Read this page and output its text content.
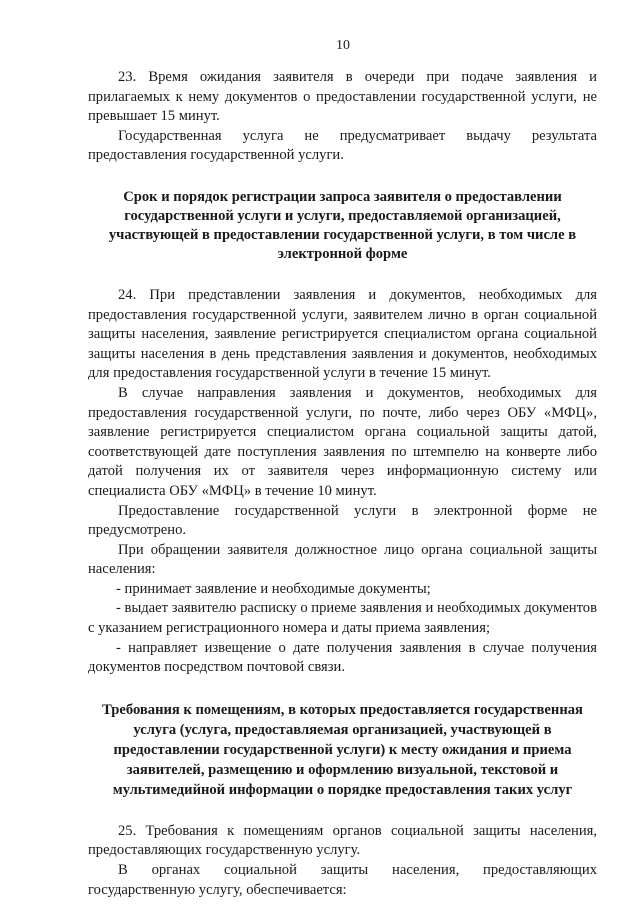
10

23. Время ожидания заявителя в очереди при подаче заявления и прилагаемых к нему документов о предоставлении государственной услуги, не превышает 15 минут.

Государственная услуга не предусматривает выдачу результата предоставления государственной услуги.

Срок и порядок регистрации запроса заявителя о предоставлении государственной услуги и услуги, предоставляемой организацией, участвующей в предоставлении государственной услуги, в том числе в электронной форме

24. При представлении заявления и документов, необходимых для предоставления государственной услуги, заявителем лично в орган социальной защиты населения, заявление регистрируется специалистом органа социальной защиты населения в день представления заявления и документов, необходимых для предоставления государственной услуги в течение 15 минут.

В случае направления заявления и документов, необходимых для предоставления государственной услуги, по почте, либо через ОБУ «МФЦ», заявление регистрируется специалистом органа социальной защиты датой, соответствующей дате поступления заявления по штемпелю на конверте либо датой получения их от заявителя через информационную систему или специалиста ОБУ «МФЦ» в течение 10 минут.

Предоставление государственной услуги в электронной форме не предусмотрено.

При обращении заявителя должностное лицо органа социальной защиты населения:

- принимает заявление и необходимые документы;

- выдает заявителю расписку о приеме заявления и необходимых документов с указанием регистрационного номера и даты приема заявления;

- направляет извещение о дате получения заявления в случае получения документов посредством почтовой связи.

Требования к помещениям, в которых предоставляется государственная услуга (услуга, предоставляемая организацией, участвующей в предоставлении государственной услуги) к месту ожидания и приема заявителей, размещению и оформлению визуальной, текстовой и мультимедийной информации о порядке предоставления таких услуг

25. Требования к помещениям органов социальной защиты населения, предоставляющих государственную услугу.

В органах социальной защиты населения, предоставляющих государственную услугу, обеспечивается:
